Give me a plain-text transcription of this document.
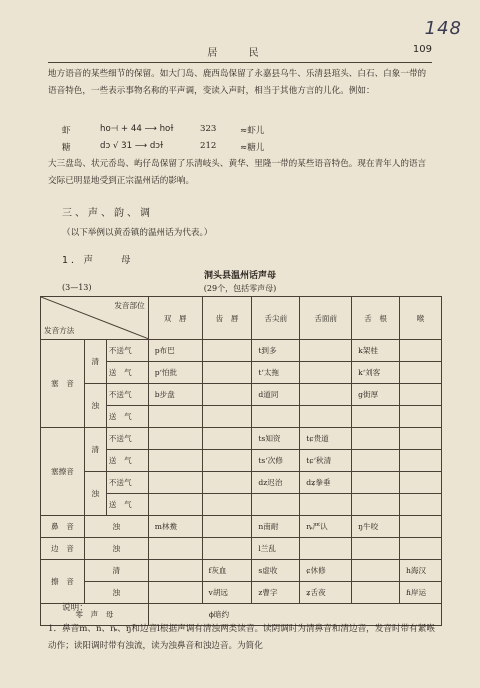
148
居 民	109
地方语音的某些细节的保留。如大门岛、鹿西岛保留了永嘉县乌牛、乐清县琯头、白石、白象一带的语音特色，一些表示事物名称的平声调，变读入声时，相当于其他方言的儿化。例如：
虾	ho⊣ + 44 ⟶ hoɫ	323	≈虾儿
糖	dɔ √ 31 ⟶ dɔɫ	212	≈糖儿
大三盘岛、状元岙岛、屿仔岛保留了乐清岐头、黄华、里隆一带的某些语音特色。现在青年人的语言交际已明显地受到正宗温州话的影响。
三、声、韵、调
（以下举例以黄岙镇的温州话为代表。）
1．声　　母
洞头县温州话声母
(3—13)	(29个，包括零声母)
发音部位
发音方法			双　唇	齿　唇	舌尖前	舌面前	舌　根	喉
塞　音	清	不送气	p布巴		t到多		k架桂	
		送　气	pʻ怕批		tʻ太拖		kʻ刘客	
	浊	不送气	b步盘		d道同		g街厚	
		送　气						
塞擦音	清	不送气			ts知资	tɕ贵道		
		送　气			tsʻ次修	tɕʻ秋清		
	浊	不送气			dz迟治	dʑ拳垂		
		送　气						
鼻　音	浊		m林鮝		n南耐	ȵ严认	ŋ牛咬	
边　音	浊				l兰乱			
擦　音	清			f灰血	s虚收	ɕ休修		h海汉
	浊			v胡远	z曹字	ʑ舌夜		ɦ岸运
零　声　母			ϕ暗约					
说明：
1．鼻音m、n、ȵ、ŋ和边音l根据声调有清浊两类读音。读阴调时为清鼻音和清边音，发音时带有紧喉动作；读阳调时带有浊流，读为浊鼻音和浊边音。为简化
